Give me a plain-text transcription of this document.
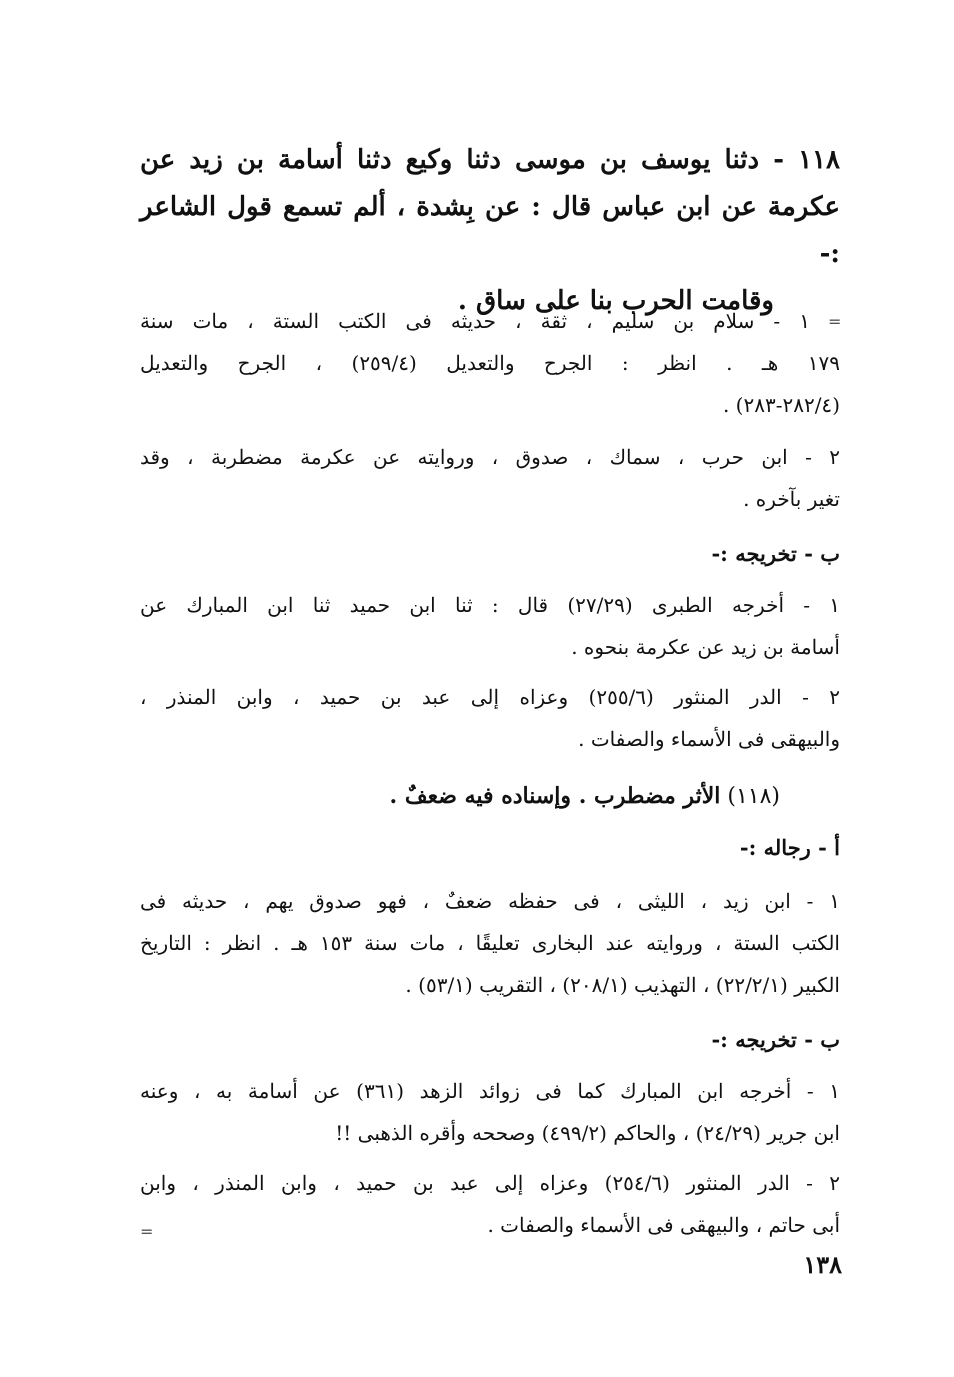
١١٨ - دثنا يوسف بن موسى دثنا وكيع دثنا أسامة بن زيد عن
عكرمة عن ابن عباس قال : عن بِشدة ، ألم تسمع قول الشاعر :-
وقامت الحرب بنا على ساق .
=
=
١ - سلام بن سليم ، ثقة ، حديثه فى الكتب الستة ، مات سنة
١٧٩ هـ . انظر : الجرح والتعديل (٢٥٩/٤) ، الجرح والتعديل
(٢٨٢/٤-٢٨٣) .
٢ - ابن حرب ، سماك ، صدوق ، وروايته عن عكرمة مضطربة ، وقد
تغير بآخره .
ب - تخريجه :-
١ - أخرجه الطبرى (٢٧/٢٩) قال : ثنا ابن حميد ثنا ابن المبارك عن
أسامة بن زيد عن عكرمة بنحوه .
٢ - الدر المنثور (٢٥٥/٦) وعزاه إلى عبد بن حميد ، وابن المنذر ،
والبيهقى فى الأسماء والصفات .
(١١٨) الأثر مضطرب . وإسناده فيه ضعفٌ .
أ - رجاله :-
١ - ابن زيد ، الليثى ، فى حفظه ضعفٌ ، فهو صدوق يهم ، حديثه فى
الكتب الستة ، وروايته عند البخارى تعليقًا ، مات سنة ١٥٣ هـ . انظر : التاريخ
الكبير (٢٢/٢/١) ، التهذيب (٢٠٨/١) ، التقريب (٥٣/١) .
ب - تخريجه :-
١ - أخرجه ابن المبارك كما فى زوائد الزهد (٣٦١) عن أسامة به ، وعنه
ابن جرير (٢٤/٢٩) ، والحاكم (٤٩٩/٢) وصححه وأقره الذهبى !!
٢ - الدر المنثور (٢٥٤/٦) وعزاه إلى عبد بن حميد ، وابن المنذر ، وابن
أبى حاتم ، والبيهقى فى الأسماء والصفات .
١٣٨
